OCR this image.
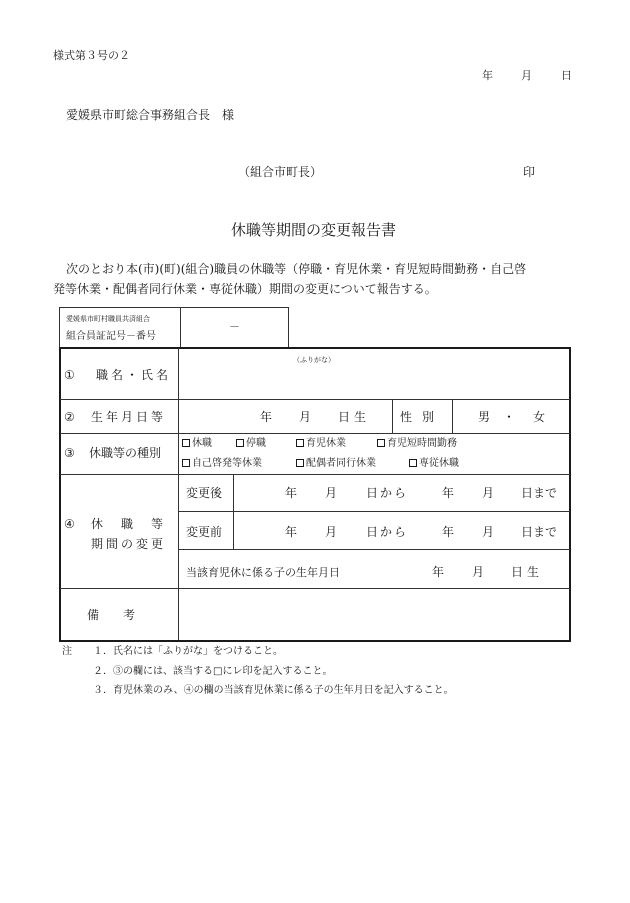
様式第３号の２
年	月	日
愛媛県市町総合事務組合長　様
（組合市町長）	印
休職等期間の変更報告書
次のとおり本(市)(町)(組合)職員の休職等（停職・育児休業・育児短時間勤務・自己啓
発等休業・配偶者同行休業・専従休職）期間の変更について報告する。
愛媛県市町村職員共済組合
組合員証記号－番号
－
① 職名・氏名
（ふりがな）
② 生年月日等	年 月 日生 性別	男 ・ 女
③ 休職等の種別
休職	停職	育児休業	育児短時間勤務
自己啓発等休業	配偶者同行休業	専従休職
④ 休　職　等
期間の変更
変更後	年 月 日から	年 月 日まで
変更前	年 月 日から	年 月 日まで
当該育児休に係る子の生年月日	年 月 日生
備　　考
注 １．氏名には「ふりがな」をつけること。
２．③の欄には、該当する□にレ印を記入すること。
３．育児休業のみ、④の欄の当該育児休業に係る子の生年月日を記入すること。
